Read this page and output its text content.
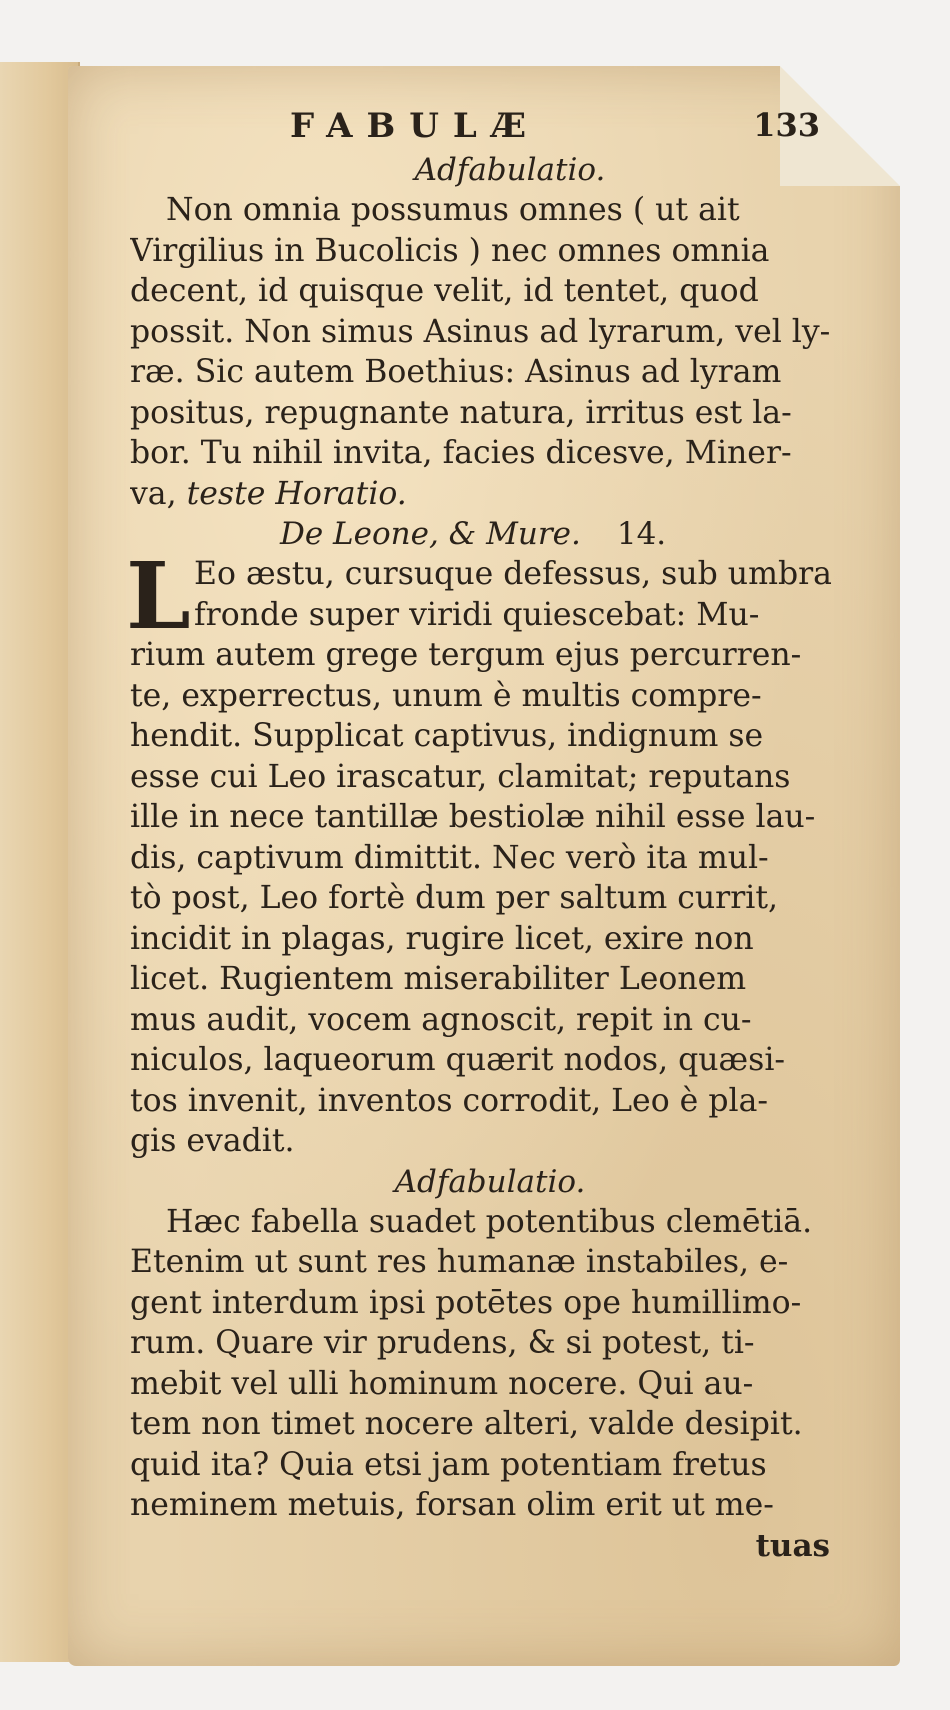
FABULÆ	133
Adfabulatio.

Non omnia possumus omnes ( ut ait
Virgilius in Bucolicis ) nec omnes omnia
decent, id quisque velit, id tentet, quod
possit. Non simus Asinus ad lyrarum, vel ly-
ræ. Sic autem Boethius: Asinus ad lyram
positus, repugnante natura, irritus est la-
bor. Tu nihil invita, facies dicesve, Miner-
va, teste Horatio.

De Leone, & Mure. 14.
L Eo æstu, cursuque defessus, sub umbra
fronde super viridi quiescebat: Mu-
rium autem grege tergum ejus percurren-
te, experrectus, unum è multis compre-
hendit. Supplicat captivus, indignum se
esse cui Leo irascatur, clamitat; reputans
ille in nece tantillæ bestiolæ nihil esse lau-
dis, captivum dimittit. Nec verò ita mul-
tò post, Leo fortè dum per saltum currit,
incidit in plagas, rugire licet, exire non
licet. Rugientem miserabiliter Leonem
mus audit, vocem agnoscit, repit in cu-
niculos, laqueorum quærit nodos, quæsi-
tos invenit, inventos corrodit, Leo è pla-
gis evadit.

Adfabulatio.

Hæc fabella suadet potentibus clemētiā.
Etenim ut sunt res humanæ instabiles, e-
gent interdum ipsi potētes ope humillimo-
rum. Quare vir prudens, & si potest, ti-
mebit vel ulli hominum nocere. Qui au-
tem non timet nocere alteri, valde desipit.
quid ita? Quia etsi jam potentiam fretus
neminem metuis, forsan olim erit ut me-

tuas
